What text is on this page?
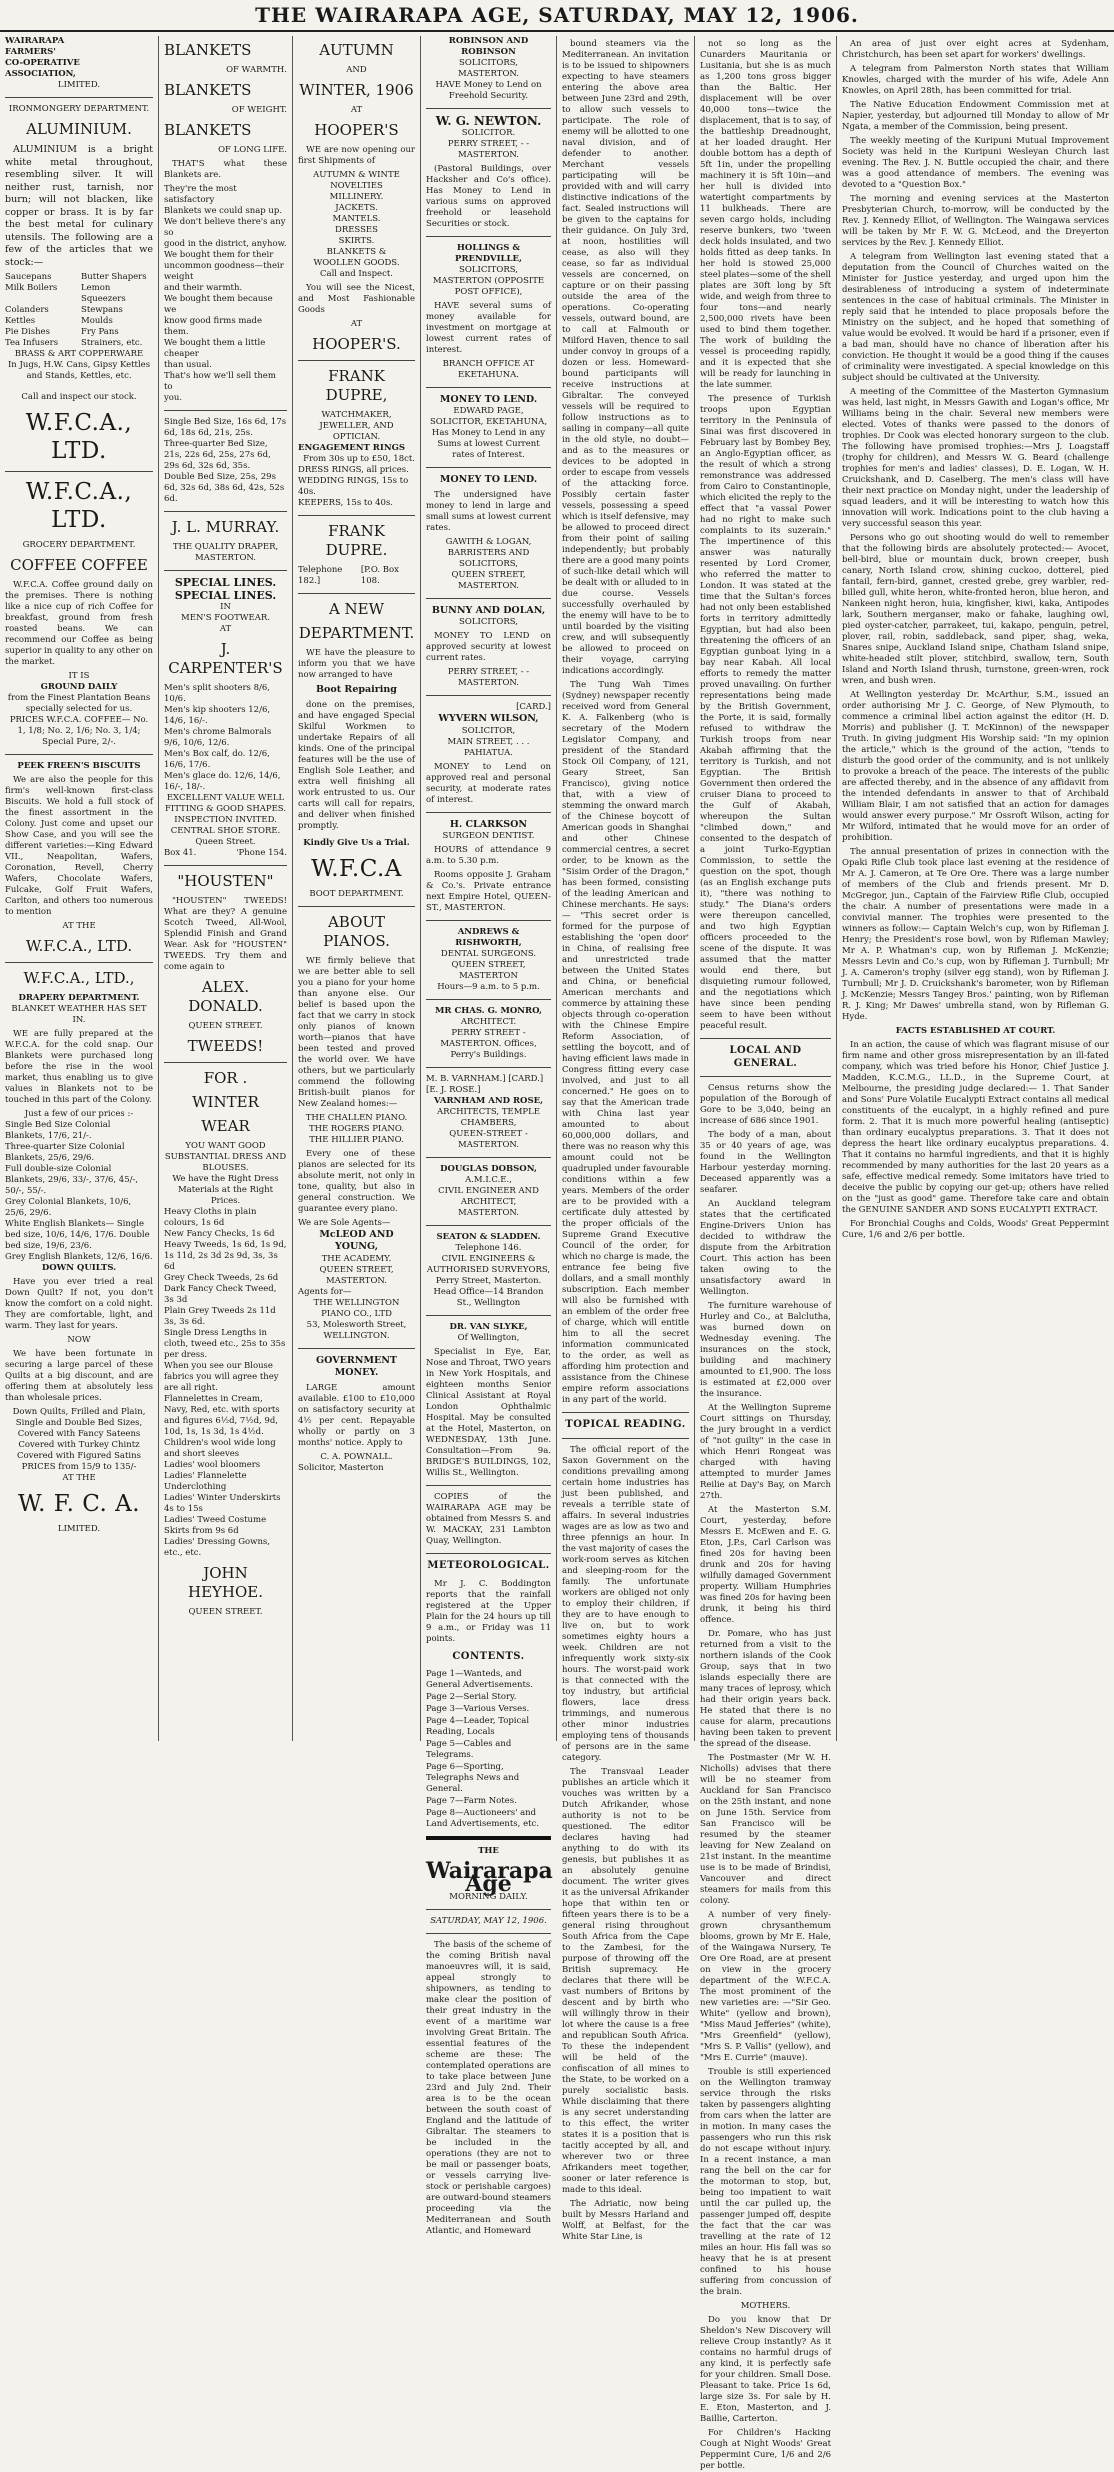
THE WAIRARAPA AGE, SATURDAY, MAY 12, 1906.
WAIRARAPA
FARMERS'
CO-OPERATIVE
ASSOCIATION,
LIMITED.
IRONMONGERY DEPARTMENT.
ALUMINIUM.
ALUMINIUM is a bright white metal throughout, resembling silver. It will neither rust, tarnish, nor burn; will not blacken, like copper or brass. It is by far the best metal for culinary utensils. The following are a few of the articles that we stock:—
Saucepans	Butter Shapers
Milk Boilers	Lemon Squeezers
Colanders	Stewpans
Kettles	Moulds
Pie Dishes	Fry Pans
Tea Infusers	Strainers, etc.
BRASS & ART COPPERWARE
In Jugs, H.W. Cans, Gipsy Kettles and Stands, Kettles, etc.
Call and inspect our stock.
W.F.C.A., LTD.
W.F.C.A., LTD.
GROCERY DEPARTMENT.
COFFEE COFFEE
W.F.C.A. Coffee ground daily on the premises. There is nothing like a nice cup of rich Coffee for breakfast, ground from fresh roasted beans. We can recommend our Coffee as being superior in quality to any other on the market.
IT IS
GROUND DAILY
from the Finest Plantation Beans specially selected for us.
PRICES W.F.C.A. COFFEE— No. 1, 1/8; No. 2, 1/6; No. 3, 1/4; Special Pure, 2/-.
PEEK FREEN'S BISCUITS
We are also the people for this firm's well-known first-class Biscuits. We hold a full stock of the finest assortment in the Colony. Just come and upset our Show Case, and you will see the different varieties:—King Edward VII., Neapolitan, Wafers, Coronation, Revell, Cherry Wafers, Chocolate Wafers, Fulcake, Golf Fruit Wafers, Carlton, and others too numerous to mention
AT THE
W.F.C.A., LTD.
W.F.C.A., LTD.,
DRAPERY DEPARTMENT.
BLANKET WEATHER HAS SET IN.
WE are fully prepared at the W.F.C.A. for the cold snap. Our Blankets were purchased long before the rise in the wool market, thus enabling us to give values in Blankets not to be touched in this part of the Colony.
Just a few of our prices :-
Single Bed Size Colonial Blankets, 17/6, 21/-.
Three-quarter Size Colonial Blankets, 25/6, 29/6.
Full double-size Colonial Blankets, 29/6, 33/-, 37/6, 45/-, 50/-, 55/-.
Grey Colonial Blankets, 10/6, 25/6, 29/6.
White English Blankets— Single bed size, 10/6, 14/6, 17/6. Double bed size, 19/6, 23/6.
Grey English Blankets, 12/6, 16/6.
DOWN QUILTS.
Have you ever tried a real Down Quilt? If not, you don't know the comfort on a cold night. They are comfortable, light, and warm. They last for years.
NOW
We have been fortunate in securing a large parcel of these Quilts at a big discount, and are offering them at absolutely less than wholesale prices.
Down Quilts, Frilled and Plain, Single and Double Bed Sizes,
Covered with Fancy Sateens
Covered with Turkey Chintz
Covered with Figured Satins
PRICES from 15/9 to 135/-
AT THE
W. F. C. A.
LIMITED.
BLANKETS
OF WARMTH.
BLANKETS
OF WEIGHT.
BLANKETS
OF LONG LIFE.
THAT'S what these Blankets are.
They're the most satisfactory
Blankets we could snap up.
We don't believe there's any so
good in the district, anyhow.
We bought them for their uncommon goodness—their weight
and their warmth.
We bought them because we
know good firms made them.
We bought them a little cheaper
than usual.
That's how we'll sell them to
you.
Single Bed Size, 16s 6d, 17s 6d, 18s 6d, 21s, 25s.
Three-quarter Bed Size, 21s, 22s 6d, 25s, 27s 6d, 29s 6d, 32s 6d, 35s.
Double Bed Size, 25s, 29s 6d, 32s 6d, 38s 6d, 42s, 52s 6d.
J. L. MURRAY.
THE QUALITY DRAPER,
MASTERTON.
SPECIAL LINES. SPECIAL LINES.
IN
MEN'S FOOTWEAR.
AT
J. CARPENTER'S
Men's split shooters 8/6, 10/6.
Men's kip shooters 12/6, 14/6, 16/-.
Men's chrome Balmorals 9/6, 10/6, 12/6.
Men's Box calf, do. 12/6, 16/6, 17/6.
Men's glace do. 12/6, 14/6, 16/-, 18/-.
EXCELLENT VALUE WELL FITTING & GOOD SHAPES.
INSPECTION INVITED.
CENTRAL SHOE STORE.
Queen Street.
Box 41.	'Phone 154.
"HOUSTEN"
"HOUSTEN" TWEEDS! What are they? A genuine Scotch Tweed, All-Wool, Splendid Finish and Grand Wear. Ask for "HOUSTEN" TWEEDS. Try them and come again to
ALEX. DONALD.
QUEEN STREET.
TWEEDS!
FOR .
WINTER
WEAR
YOU WANT GOOD SUBSTANTIAL DRESS AND BLOUSES.
We have the Right Dress Materials at the Right Prices.
Heavy Cloths in plain colours, 1s 6d
New Fancy Checks, 1s 6d
Heavy Tweeds, 1s 6d, 1s 9d, 1s 11d, 2s 3d 2s 9d, 3s, 3s 6d
Grey Check Tweeds, 2s 6d
Dark Fancy Check Tweed, 3s 3d
Plain Grey Tweeds 2s 11d 3s, 3s 6d.
Single Dress Lengths in cloth, tweed etc., 25s to 35s per dress.
When you see our Blouse fabrics you will agree they are all right.
Flannelettes in Cream, Navy, Red, etc. with sports and figures 6½d, 7½d, 9d, 10d, 1s, 1s 3d, 1s 4½d.
Children's wool wide long and short sleeves
Ladies' wool bloomers
Ladies' Flannelette Underclothing
Ladies' Winter Underskirts 4s to 15s
Ladies' Tweed Costume Skirts from 9s 6d
Ladies' Dressing Gowns, etc., etc.
JOHN HEYHOE.
QUEEN STREET.
AUTUMN
AND
WINTER, 1906
AT
HOOPER'S
WE are now opening our first Shipments of
AUTUMN & WINTE
NOVELTIES
MILLINERY.
JACKETS.
MANTELS.
DRESSES
SKIRTS.
BLANKETS &
WOOLLEN GOODS.
Call and Inspect.
You will see the Nicest, and Most Fashionable Goods
AT
HOOPER'S.
FRANK DUPRE,
WATCHMAKER, JEWELLER, AND OPTICIAN.
ENGAGEMENT RINGS
From 30s up to £50, 18ct.
DRESS RINGS, all prices.
WEDDING RINGS, 15s to 40s.
KEEPERS, 15s to 40s.
FRANK DUPRE.
Telephone 182.]
[P.O. Box 108.
A NEW
DEPARTMENT.
WE have the pleasure to inform you that we have now arranged to have
Boot Repairing
done on the premises, and have engaged Special Skilful Workmen to undertake Repairs of all kinds. One of the principal features will be the use of English Sole Leather, and extra well finishing all work entrusted to us. Our carts will call for repairs, and deliver when finished promptly.
Kindly Give Us a Trial.
W.F.C.A
BOOT DEPARTMENT.
ABOUT PIANOS.
WE firmly believe that we are better able to sell you a piano for your home than anyone else. Our belief is based upon the fact that we carry in stock only pianos of known worth—pianos that have been tested and proved the world over. We have others, but we particularly commend the following British-built pianos for New Zealand homes:—
THE CHALLEN PIANO.
THE ROGERS PIANO.
THE HILLIER PIANO.
Every one of these pianos are selected for its absolute merit, not only in tone, quality, but also in general construction. We guarantee every piano.
We are Sole Agents—
McLEOD AND YOUNG,
THE ACADEMY.
QUEEN STREET, MASTERTON.
Agents for—
THE WELLINGTON PIANO CO., LTD
53, Molesworth Street,
WELLINGTON.
GOVERNMENT MONEY.
LARGE amount available. £100 to £10,000 on satisfactory security at 4½ per cent. Repayable wholly or partly on 3 months' notice. Apply to
C. A. POWNALL.
Solicitor, Masterton
ROBINSON AND ROBINSON
SOLICITORS,
MASTERTON.
HAVE Money to Lend on Freehold Security.
W. G. NEWTON.
SOLICITOR.
PERRY STREET, - - MASTERTON.
(Pastoral Buildings, over Hacksher and Co's office). Has Money to Lend in various sums on approved freehold or leasehold Securities or stock.
HOLLINGS & PRENDVILLE,
SOLICITORS,
MASTERTON (OPPOSITE POST OFFICE),
HAVE several sums of money available for investment on mortgage at lowest current rates of interest.
BRANCH OFFICE AT EKETAHUNA.
MONEY TO LEND.
EDWARD PAGE,
SOLICITOR, EKETAHUNA,
Has Money to Lend in any Sums at lowest Current rates of Interest.
MONEY TO LEND.
The undersigned have money to lend in large and small sums at lowest current rates.
GAWITH & LOGAN,
BARRISTERS AND SOLICITORS,
QUEEN STREET, MASTERTON.
BUNNY AND DOLAN,
SOLICITORS,
MONEY TO LEND on approved security at lowest current rates.
PERRY STREET, - - MASTERTON.
[CARD.]
WYVERN WILSON,
SOLICITOR,
MAIN STREET, . . . PAHIATUA.
MONEY to Lend on approved real and personal security, at moderate rates of interest.
H. CLARKSON
SURGEON DENTIST.
HOURS of attendance 9 a.m. to 5.30 p.m.
Rooms opposite J. Graham & Co.'s. Private entrance next Empire Hotel, QUEEN-ST., MASTERTON.
ANDREWS & RISHWORTH,
DENTAL SURGEONS.
QUEEN STREET, MASTERTON
Hours—9 a.m. to 5 p.m.
MR CHAS. G. MONRO,
ARCHITECT.
PERRY STREET - MASTERTON. Offices, Perry's Buildings.
M. B. VARNHAM.] [CARD.] [E. J. ROSE.]
VARNHAM AND ROSE,
ARCHITECTS, TEMPLE CHAMBERS,
QUEEN-STREET - MASTERTON.
DOUGLAS DOBSON,
A.M.I.C.E.,
CIVIL ENGINEER AND ARCHITECT,
MASTERTON.
SEATON & SLADDEN.
Telephone 146.
CIVIL ENGINEERS & AUTHORISED SURVEYORS,
Perry Street, Masterton. Head Office—14 Brandon St., Wellington
DR. VAN SLYKE,
Of Wellington,
Specialist in Eye, Ear, Nose and Throat, TWO years in New York Hospitals, and eighteen months Senior Clinical Assistant at Royal London Ophthalmic Hospital. May be consulted at the Hotel, Masterton, on WEDNESDAY, 13th June. Consultation—From 9a. BRIDGE'S BUILDINGS, 102, Willis St., Wellington.
COPIES of the WAIRARAPA AGE may be obtained from Messrs S. and W. MACKAY, 231 Lambton Quay, Wellington.
METEOROLOGICAL.
Mr J. C. Boddington reports that the rainfall registered at the Upper Plain for the 24 hours up till 9 a.m., or Friday was 11 points.
CONTENTS.
Page 1—Wanteds, and General Advertisements.
Page 2—Serial Story.
Page 3—Various Verses.
Page 4—Leader, Topical Reading, Locals
Page 5—Cables and Telegrams.
Page 6—Sporting, Telegraphs News and General.
Page 7—Farm Notes.
Page 8—Auctioneers' and Land Advertisements, etc.
THE
Wairarapa Age
MORNING DAILY.
SATURDAY, MAY 12, 1906.
The basis of the scheme of the coming British naval manoeuvres will, it is said, appeal strongly to shipowners, as tending to make clear the position of their great industry in the event of a maritime war involving Great Britain. The essential features of the scheme are these: The contemplated operations are to take place between June 23rd and July 2nd. Their area is to be the ocean between the south coast of England and the latitude of Gibraltar. The steamers to be included in the operations (they are not to be mail or passenger boats, or vessels carrying live-stock or perishable cargoes) are outward-bound steamers proceeding via the Mediterranean and South Atlantic, and Homeward
bound steamers via the Mediterranean. An invitation is to be issued to shipowners expecting to have steamers entering the above area between June 23rd and 29th, to allow such vessels to participate. The role of enemy will be allotted to one naval division, and of defender to another. Merchant vessels participating will be provided with and will carry distinctive indications of the fact. Sealed instructions will be given to the captains for their guidance. On July 3rd, at noon, hostilities will cease, as also will they cease, so far as individual vessels are concerned, on capture or on their passing outside the area of the operations. Co-operating vessels, outward bound, are to call at Falmouth or Milford Haven, thence to sail under convoy in groups of a dozen or less. Homeward-bound participants will receive instructions at Gibraltar. The conveyed vessels will be required to follow instructions as to sailing in company—all quite in the old style, no doubt—and as to the measures or devices to be adopted in order to escape from vessels of the attacking force. Possibly certain faster vessels, possessing a speed which is itself defensive, may be allowed to proceed direct from their point of sailing independently; but probably there are a good many points of such-like detail which will be dealt with or alluded to in due course. Vessels successfully overhauled by the enemy will have to be to until boarded by the visiting crew, and will subsequently be allowed to proceed on their voyage, carrying indications accordingly.
The Tung Wah Times (Sydney) newspaper recently received word from General K. A. Falkenberg (who is secretary of the Modern Legislator Company, and president of the Standard Stock Oil Company, of 121, Geary Street, San Francisco), giving notice that, with a view of stemming the onward march of the Chinese boycott of American goods in Shanghai and other Chinese commercial centres, a secret order, to be known as the "Sisim Order of the Dragon," has been formed, consisting of the leading American and Chinese merchants. He says:— "This secret order is formed for the purpose of establishing the 'open door' in China, of realising free and unrestricted trade between the United States and China, or beneficial American merchants and commerce by attaining these objects through co-operation with the Chinese Empire Reform Association, of settling the boycott, and of having efficient laws made in Congress fitting every case involved, and just to all concerned." He goes on to say that the American trade with China last year amounted to about 60,000,000 dollars, and there was no reason why this amount could not be quadrupled under favourable conditions within a few years. Members of the order are to be provided with a certificate duly attested by the proper officials of the Supreme Grand Executive Council of the order, for which no charge is made, the entrance fee being five dollars, and a small monthly subscription. Each member will also be furnished with an emblem of the order free of charge, which will entitle him to all the secret information communicated to the order, as well as affording him protection and assistance from the Chinese empire reform associations in any part of the world.
TOPICAL READING.
The official report of the Saxon Government on the conditions prevailing among certain home industries has just been published, and reveals a terrible state of affairs. In several industries wages are as low as two and three pfennigs an hour. In the vast majority of cases the work-room serves as kitchen and sleeping-room for the family. The unfortunate workers are obliged not only to employ their children, if they are to have enough to live on, but to work sometimes eighty hours a week. Children are not infrequently work sixty-six hours. The worst-paid work is that connected with the toy industry, but artificial flowers, lace dress trimmings, and numerous other minor industries employing tens of thousands of persons are in the same category.
The Transvaal Leader publishes an article which it vouches was written by a Dutch Afrikander, whose authority is not to be questioned. The editor declares having had anything to do with its genesis, but publishes it as an absolutely genuine document. The writer gives it as the universal Afrikander hope that within ten or fifteen years there is to be a general rising throughout South Africa from the Cape to the Zambesi, for the purpose of throwing off the British supremacy. He declares that there will be vast numbers of Britons by descent and by birth who will willingly throw in their lot where the cause is a free and republican South Africa. To these the independent will be held of the confiscation of all mines to the State, to be worked on a purely socialistic basis. While disclaiming that there is any secret understanding to this effect, the writer states it is a position that is tacitly accepted by all, and wherever two or three Afrikanders meet together, sooner or later reference is made to this ideal.
The Adriatic, now being built by Messrs Harland and Wolff, at Belfast, for the White Star Line, is
not so long as the Cunarders Mauritania or Lusitania, but she is as much as 1,200 tons gross bigger than the Baltic. Her displacement will be over 40,000 tons—twice the displacement, that is to say, of the battleship Dreadnought, at her loaded draught. Her double bottom has a depth of 5ft 1in, under the propelling machinery it is 5ft 10in—and her hull is divided into watertight compartments by 11 bulkheads. There are seven cargo holds, including reserve bunkers, two 'tween deck holds insulated, and two holds fitted as deep tanks. In her hold is stowed 25,000 steel plates—some of the shell plates are 30ft long by 5ft wide, and weigh from three to four tons—and nearly 2,500,000 rivets have been used to bind them together. The work of building the vessel is proceeding rapidly, and it is expected that she will be ready for launching in the late summer.
The presence of Turkish troops upon Egyptian territory in the Peninsula of Sinai was first discovered in February last by Bombey Bey, an Anglo-Egyptian officer, as the result of which a strong remonstrance was addressed from Cairo to Constantinople, which elicited the reply to the effect that "a vassal Power had no right to make such complaints to its suzerain." The impertinence of this answer was naturally resented by Lord Cromer, who referred the matter to London. It was stated at the time that the Sultan's forces had not only been established forts in territory admittedly Egyptian, but had also been threatening the officers of an Egyptian gunboat lying in a bay near Kabah. All local efforts to remedy the matter proved unavailing. On further representations being made by the British Government, the Porte, it is said, formally refused to withdraw the Turkish troops from near Akabah affirming that the territory is Turkish, and not Egyptian. The British Government then ordered the cruiser Diana to proceed to the Gulf of Akabah, whereupon the Sultan "climbed down," and consented to the despatch of a joint Turko-Egyptian Commission, to settle the question on the spot, though (as an English exchange puts it), "there was nothing to study." The Diana's orders were thereupon cancelled, and two high Egyptian officers proceeded to the scene of the dispute. It was assumed that the matter would end there, but disquieting rumour followed, and the negotiations which have since been pending seem to have been without peaceful result.
LOCAL AND GENERAL.
Census returns show the population of the Borough of Gore to be 3,040, being an increase of 686 since 1901.
The body of a man, about 35 or 40 years of age, was found in the Wellington Harbour yesterday morning. Deceased apparently was a seafarer.
An Auckland telegram states that the certificated Engine-Drivers Union has decided to withdraw the dispute from the Arbitration Court. This action has been taken owing to the unsatisfactory award in Wellington.
The furniture warehouse of Hurley and Co., at Balclutha, was burned down on Wednesday evening. The insurances on the stock, building and machinery amounted to £1,900. The loss is estimated at £2,000 over the insurance.
At the Wellington Supreme Court sittings on Thursday, the jury brought in a verdict of "not guilty" in the case in which Henri Rongeat was charged with having attempted to murder James Reilie at Day's Bay, on March 27th.
At the Masterton S.M. Court, yesterday, before Messrs E. McEwen and E. G. Eton, J.P.s, Carl Carlson was fined 20s for having been drunk and 20s for having wilfully damaged Government property. William Humphries was fined 20s for having been drunk, it being his third offence.
Dr. Pomare, who has just returned from a visit to the northern islands of the Cook Group, says that in two islands especially there are many traces of leprosy, which had their origin years back. He stated that there is no cause for alarm, precautions having been taken to prevent the spread of the disease.
The Postmaster (Mr W. H. Nicholls) advises that there will be no steamer from Auckland for San Francisco on the 25th instant, and none on June 15th. Service from San Francisco will be resumed by the steamer leaving for New Zealand on 21st instant. In the meantime use is to be made of Brindisi, Vancouver and direct steamers for mails from this colony.
A number of very finely-grown chrysanthemum blooms, grown by Mr E. Hale, of the Waingawa Nursery, Te Ore Ore Road, are at present on view in the grocery department of the W.F.C.A. The most prominent of the new varieties are: —"Sir Geo. White" (yellow and brown), "Miss Maud Jefferies" (white), "Mrs Greenfield" (yellow), "Mrs S. P. Vallis" (yellow), and "Mrs E. Currie" (mauve).
Trouble is still experienced on the Wellington tramway service through the risks taken by passengers alighting from cars when the latter are in motion. In many cases the passengers who run this risk do not escape without injury. In a recent instance, a man rang the bell on the car for the motorman to stop, but, being too impatient to wait until the car pulled up, the passenger jumped off, despite the fact that the car was travelling at the rate of 12 miles an hour. His fall was so heavy that he is at present confined to his house suffering from concussion of the brain.
MOTHERS.
Do you know that Dr Sheldon's New Discovery will relieve Croup instantly? As it contains no harmful drugs of any kind, it is perfectly safe for your children. Small Dose. Pleasant to take. Price 1s 6d, large size 3s. For sale by H. E. Eton, Masterton, and J. Baillie, Carterton.
For Children's Hacking Cough at Night Woods' Great Peppermint Cure, 1/6 and 2/6 per bottle.
An area of just over eight acres at Sydenham, Christchurch, has been set apart for workers' dwellings.
A telegram from Palmerston North states that William Knowles, charged with the murder of his wife, Adele Ann Knowles, on April 28th, has been committed for trial.
The Native Education Endowment Commission met at Napier, yesterday, but adjourned till Monday to allow of Mr Ngata, a member of the Commission, being present.
The weekly meeting of the Kuripuni Mutual Improvement Society was held in the Kuripuni Wesleyan Church last evening. The Rev. J. N. Buttle occupied the chair, and there was a good attendance of members. The evening was devoted to a "Question Box."
The morning and evening services at the Masterton Presbyterian Church, to-morrow, will be conducted by the Rev. J. Kennedy Elliot, of Wellington. The Waingawa services will be taken by Mr F. W. G. McLeod, and the Dreyerton services by the Rev. J. Kennedy Elliot.
A telegram from Wellington last evening stated that a deputation from the Council of Churches waited on the Minister for Justice yesterday, and urged upon him the desirableness of introducing a system of indeterminate sentences in the case of habitual criminals. The Minister in reply said that he intended to place proposals before the Ministry on the subject, and he hoped that something of value would be evolved. It would be hard if a prisoner, even if a bad man, should have no chance of liberation after his conviction. He thought it would be a good thing if the causes of criminality were investigated. A special knowledge on this subject should be cultivated at the University.
A meeting of the Committee of the Masterton Gymnasium was held, last night, in Messrs Gawith and Logan's office, Mr Williams being in the chair. Several new members were elected. Votes of thanks were passed to the donors of trophies. Dr Cook was elected honorary surgeon to the club. The following have promised trophies:—Mrs J. Loagstaff (trophy for children), and Messrs W. G. Beard (challenge trophies for men's and ladies' classes), D. E. Logan, W. H. Cruickshank, and D. Caselberg. The men's class will have their next practice on Monday night, under the leadership of squad leaders, and it will be interesting to watch how this innovation will work. Indications point to the club having a very successful season this year.
Persons who go out shooting would do well to remember that the following birds are absolutely protected:— Avocet, bell-bird, blue or mountain duck, brown creeper, bush canary, North Island crow, shining cuckoo, dotterel, pied fantail, fern-bird, gannet, crested grebe, grey warbler, red-billed gull, white heron, white-fronted heron, blue heron, and Nankeen night heron, huia, kingfisher, kiwi, kaka, Antipodes lark, Southern merganser, mako or fahake, laughing owl, pied oyster-catcher, parrakeet, tui, kakapo, penguin, petrel, plover, rail, robin, saddleback, sand piper, shag, weka, Snares snipe, Auckland Island snipe, Chatham Island snipe, white-headed stilt plover, stitchbird, swallow, tern, South Island and North Island thrush, turnstone, green-wren, rock wren, and bush wren.
At Wellington yesterday Dr. McArthur, S.M., issued an order authorising Mr J. C. George, of New Plymouth, to commence a criminal libel action against the editor (H. D. Morris) and publisher (J. T. McKinnon) of the newspaper Truth. In giving judgment His Worship said: "In my opinion the article," which is the ground of the action, "tends to disturb the good order of the community, and is not unlikely to provoke a breach of the peace. The interests of the public are affected thereby, and in the absence of any affidavit from the intended defendants in answer to that of Archibald William Blair, I am not satisfied that an action for damages would answer every purpose." Mr Ossroft Wilson, acting for Mr Wilford, intimated that he would move for an order of prohibition.
The annual presentation of prizes in connection with the Opaki Rifle Club took place last evening at the residence of Mr A. J. Cameron, at Te Ore Ore. There was a large number of members of the Club and friends present. Mr D. McGregor, jun., Captain of the Fairview Rifle Club, occupied the chair. A number of presentations were made in a convivial manner. The trophies were presented to the winners as follow:— Captain Welch's cup, won by Rifleman J. Henry; the President's rose bowl, won by Rifleman Mawley; Mr A. P. Whatman's cup, won by Rifleman J. McKenzie; Messrs Levin and Co.'s cup, won by Rifleman J. Turnbull; Mr J. A. Cameron's trophy (silver egg stand), won by Rifleman J. Turnbull; Mr J. D. Cruickshank's barometer, won by Rifleman J. McKenzie; Messrs Tangey Bros.' painting, won by Rifleman R. J. King; Mr Dawes' umbrella stand, won by Rifleman G. Hyde.
FACTS ESTABLISHED AT COURT.
In an action, the cause of which was flagrant misuse of our firm name and other gross misrepresentation by an ill-fated company, which was tried before his Honor, Chief Justice J. Madden, K.C.M.G., LL.D., in the Supreme Court, at Melbourne, the presiding judge declared:— 1. That Sander and Sons' Pure Volatile Eucalypti Extract contains all medical constituents of the eucalypt, in a highly refined and pure form. 2. That it is much more powerful healing (antiseptic) than ordinary eucalyptus preparations. 3. That it does not depress the heart like ordinary eucalyptus preparations. 4. That it contains no harmful ingredients, and that it is highly recommended by many authorities for the last 20 years as a safe, effective medical remedy. Some imitators have tried to deceive the public by copying our get-up; others have relied on the "just as good" game. Therefore take care and obtain the GENUINE SANDER AND SONS EUCALYPTI EXTRACT.
For Bronchial Coughs and Colds, Woods' Great Peppermint Cure, 1/6 and 2/6 per bottle.
